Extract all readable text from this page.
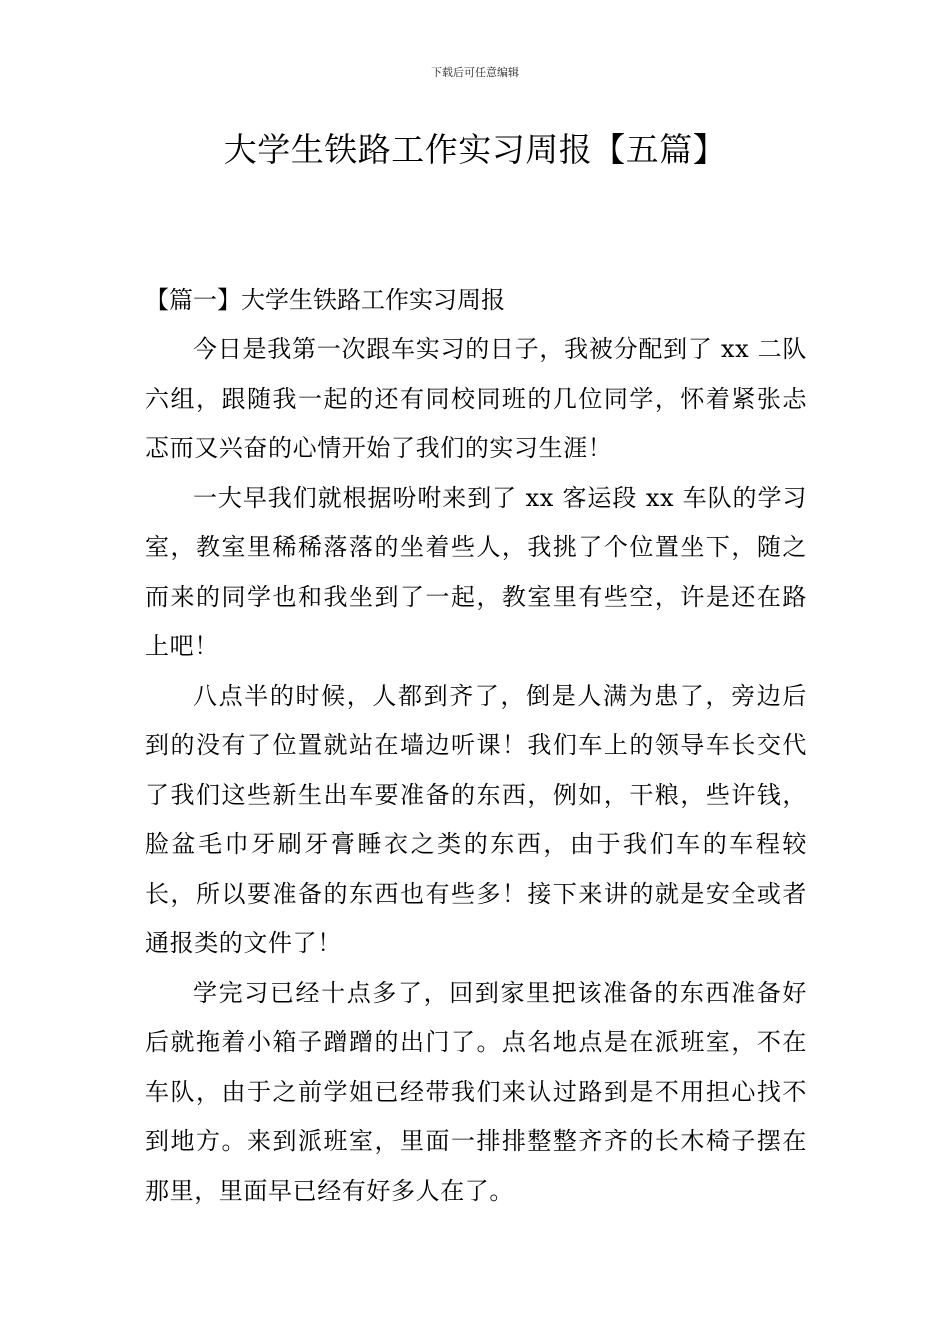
下载后可任意编辑
大学生铁路工作实习周报【五篇】
【篇一】大学生铁路工作实习周报

今日是我第一次跟车实习的日子，我被分配到了 xx 二队六组，跟随我一起的还有同校同班的几位同学，怀着紧张忐忑而又兴奋的心情开始了我们的实习生涯！

一大早我们就根据吩咐来到了 xx 客运段 xx 车队的学习室，教室里稀稀落落的坐着些人，我挑了个位置坐下，随之而来的同学也和我坐到了一起，教室里有些空，许是还在路上吧！

八点半的时候，人都到齐了，倒是人满为患了，旁边后到的没有了位置就站在墙边听课！我们车上的领导车长交代了我们这些新生出车要准备的东西，例如，干粮，些许钱，脸盆毛巾牙刷牙膏睡衣之类的东西，由于我们车的车程较长，所以要准备的东西也有些多！接下来讲的就是安全或者通报类的文件了！

学完习已经十点多了，回到家里把该准备的东西准备好后就拖着小箱子蹭蹭的出门了。点名地点是在派班室，不在车队，由于之前学姐已经带我们来认过路到是不用担心找不到地方。来到派班室，里面一排排整整齐齐的长木椅子摆在那里，里面早已经有好多人在了。
